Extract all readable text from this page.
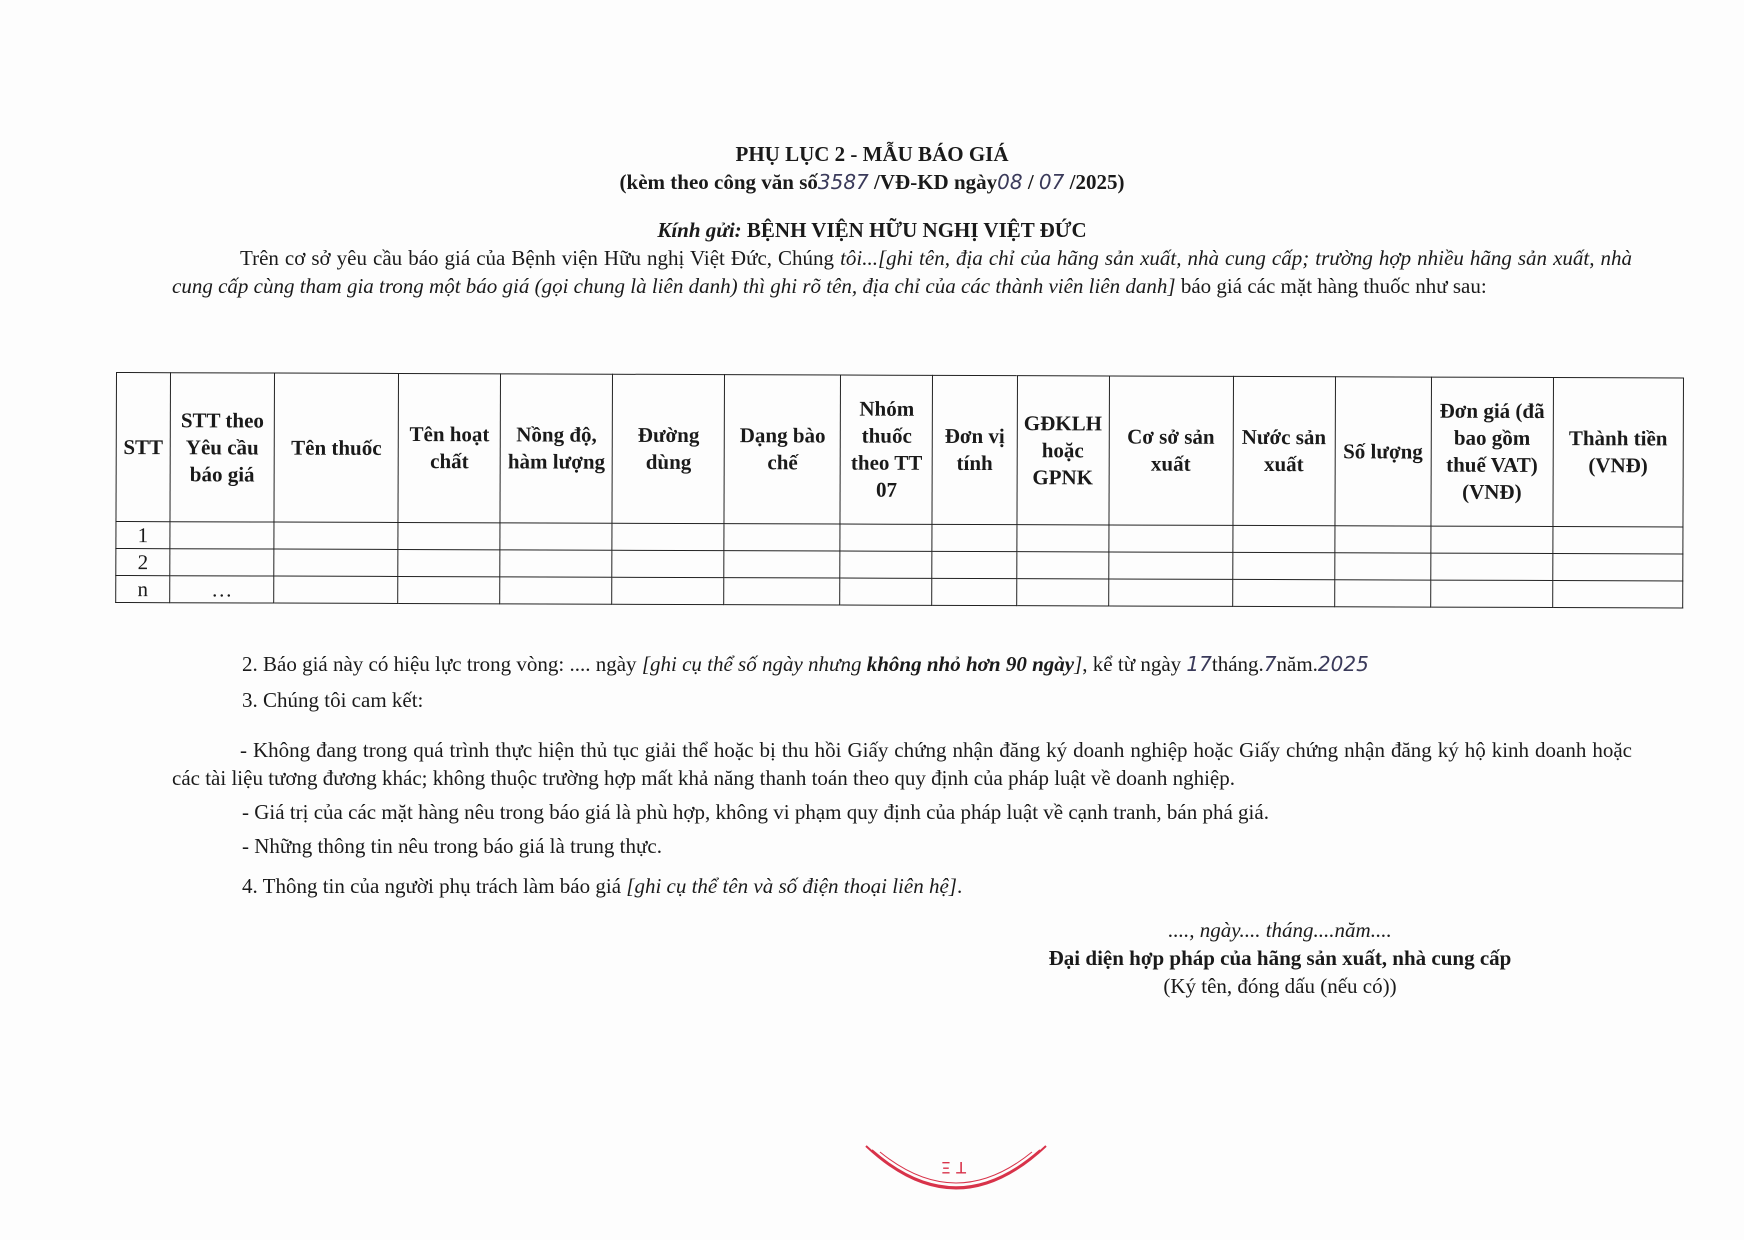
PHỤ LỤC 2 - MẪU BÁO GIÁ
(kèm theo công văn số3587 /VĐ-KD ngày08 / 07 /2025)
Kính gửi: BỆNH VIỆN HỮU NGHỊ VIỆT ĐỨC
Trên cơ sở yêu cầu báo giá của Bệnh viện Hữu nghị Việt Đức, Chúng tôi...[ghi tên, địa chỉ của hãng sản xuất, nhà cung cấp; trường hợp nhiều hãng sản xuất, nhà cung cấp cùng tham gia trong một báo giá (gọi chung là liên danh) thì ghi rõ tên, địa chỉ của các thành viên liên danh] báo giá các mặt hàng thuốc như sau:
STT	STT theo Yêu cầu báo giá	Tên thuốc	Tên hoạt chất	Nồng độ, hàm lượng	Đường dùng	Dạng bào chế	Nhóm thuốc theo TT 07	Đơn vị tính	GĐKLH hoặc GPNK	Cơ sở sản xuất	Nước sản xuất	Số lượng	Đơn giá (đã bao gồm thuế VAT) (VNĐ)	Thành tiền (VNĐ)
1														
2														
n	…													
2. Báo giá này có hiệu lực trong vòng: .... ngày [ghi cụ thể số ngày nhưng không nhỏ hơn 90 ngày], kể từ ngày 17tháng.7năm.2025
3. Chúng tôi cam kết:
- Không đang trong quá trình thực hiện thủ tục giải thể hoặc bị thu hồi Giấy chứng nhận đăng ký doanh nghiệp hoặc Giấy chứng nhận đăng ký hộ kinh doanh hoặc các tài liệu tương đương khác; không thuộc trường hợp mất khả năng thanh toán theo quy định của pháp luật về doanh nghiệp.
- Giá trị của các mặt hàng nêu trong báo giá là phù hợp, không vi phạm quy định của pháp luật về cạnh tranh, bán phá giá.
- Những thông tin nêu trong báo giá là trung thực.
4. Thông tin của người phụ trách làm báo giá [ghi cụ thể tên và số điện thoại liên hệ].
...., ngày.... tháng....năm....
Đại diện hợp pháp của hãng sản xuất, nhà cung cấp
(Ký tên, đóng dấu (nếu có))
T Ξ
